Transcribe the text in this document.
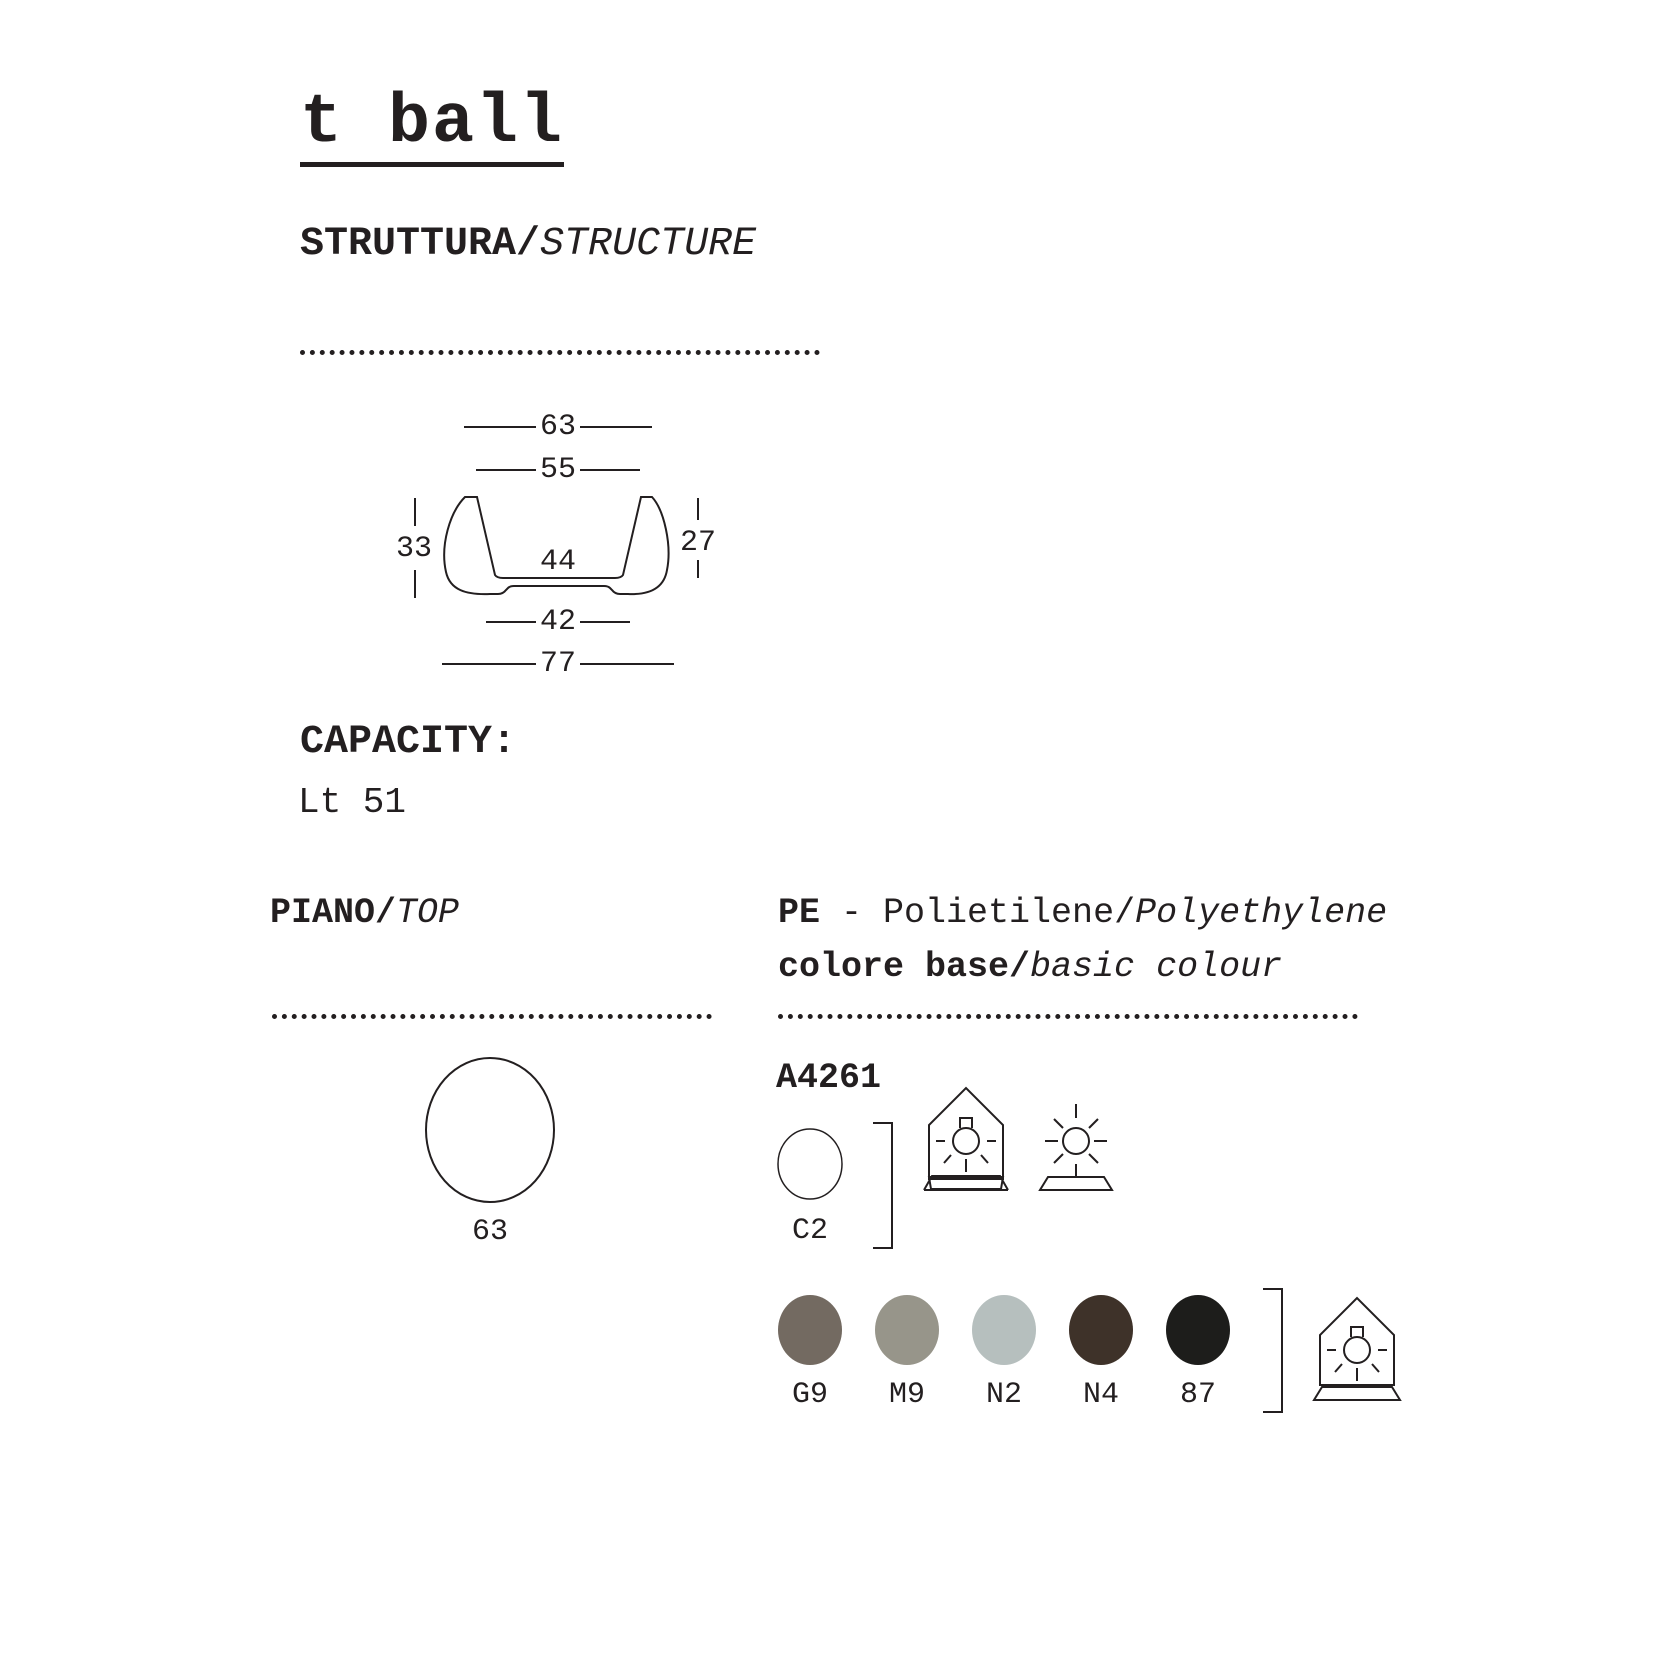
t ball
STRUTTURA/STRUCTURE
63
55
33	27
44
42
77
CAPACITY:
Lt 51
PIANO/TOP
63
PE - Polietilene/Polyethylene
colore base/basic colour
A4261
C2
G9	M9	N2	N4	87
